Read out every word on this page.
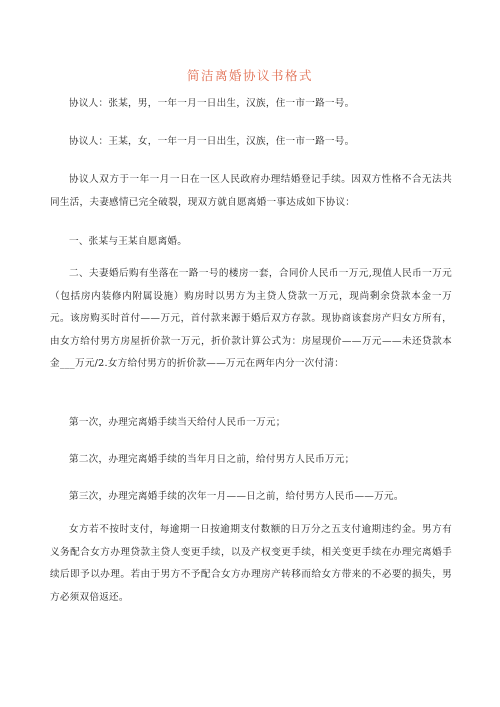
简洁离婚协议书格式
协议人：张某，男，一年一月一日出生，汉族，住一市一路一号。
协议人：王某，女，一年一月一日出生，汉族，住一市一路一号。
协议人双方于一年一月一日在一区人民政府办理结婚登记手续。因双方性格不合无法共同生活，夫妻感情已完全破裂，现双方就自愿离婚一事达成如下协议：
一、张某与王某自愿离婚。
二、夫妻婚后购有坐落在一路一号的楼房一套，合同价人民币一万元,现值人民币一万元（包括房内装修内附属设施）购房时以男方为主贷人贷款一万元，现尚剩余贷款本金一万元。该房购买时首付——万元，首付款来源于婚后双方存款。现协商该套房产归女方所有，由女方给付男方房屋折价款一万元，折价款计算公式为：房屋现价——万元——未还贷款本金___万元/2.女方给付男方的折价款——万元在两年内分一次付清：
第一次，办理完离婚手续当天给付人民币一万元；
第二次，办理完离婚手续的当年月日之前，给付男方人民币万元；
第三次，办理完离婚手续的次年一月——日之前，给付男方人民币——万元。
女方若不按时支付，每逾期一日按逾期支付数额的日万分之五支付逾期违约金。男方有义务配合女方办理贷款主贷人变更手续，以及产权变更手续，相关变更手续在办理完离婚手续后即予以办理。若由于男方不予配合女方办理房产转移而给女方带来的不必要的损失，男方必须双倍返还。
